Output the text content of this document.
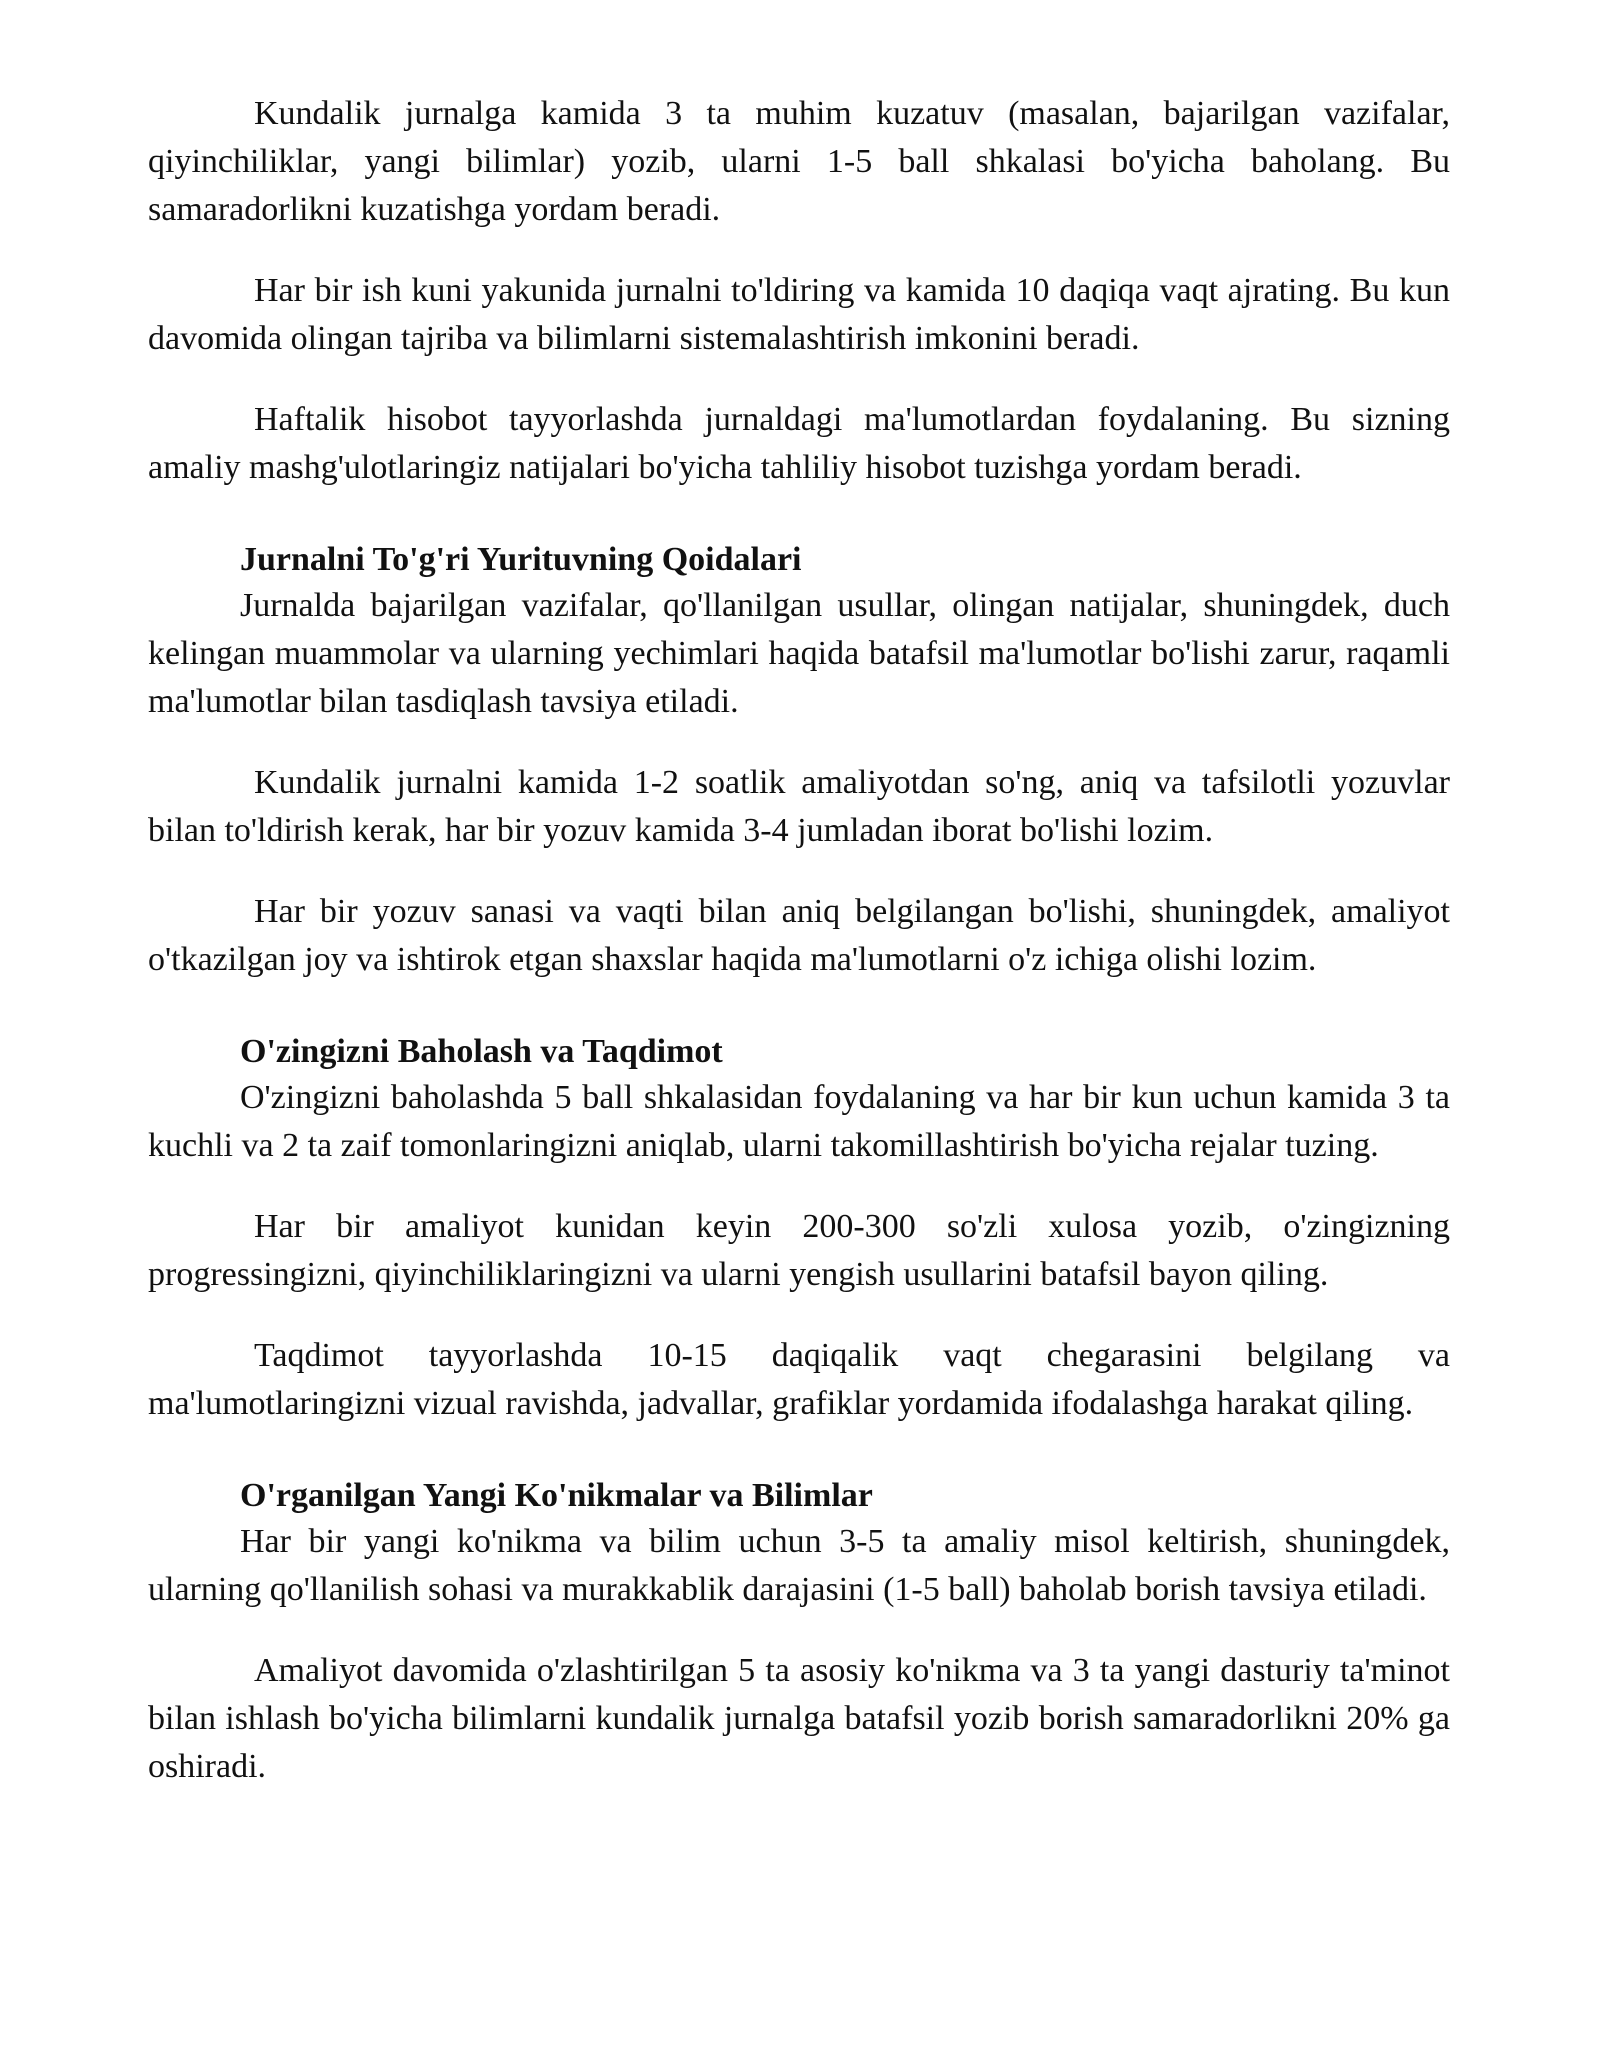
Kundalik jurnalga kamida 3 ta muhim kuzatuv (masalan, bajarilgan vazifalar, qiyinchiliklar, yangi bilimlar) yozib, ularni 1-5 ball shkalasi bo'yicha baholang. Bu samaradorlikni kuzatishga yordam beradi.

Har bir ish kuni yakunida jurnalni to'ldiring va kamida 10 daqiqa vaqt ajrating. Bu kun davomida olingan tajriba va bilimlarni sistemalashtirish imkonini beradi.

Haftalik hisobot tayyorlashda jurnaldagi ma'lumotlardan foydalaning. Bu sizning amaliy mashg'ulotlaringiz natijalari bo'yicha tahliliy hisobot tuzishga yordam beradi.

Jurnalni To'g'ri Yurituvning Qoidalari

Jurnalda bajarilgan vazifalar, qo'llanilgan usullar, olingan natijalar, shuningdek, duch kelingan muammolar va ularning yechimlari haqida batafsil ma'lumotlar bo'lishi zarur, raqamli ma'lumotlar bilan tasdiqlash tavsiya etiladi.

Kundalik jurnalni kamida 1-2 soatlik amaliyotdan so'ng, aniq va tafsilotli yozuvlar bilan to'ldirish kerak, har bir yozuv kamida 3-4 jumladan iborat bo'lishi lozim.

Har bir yozuv sanasi va vaqti bilan aniq belgilangan bo'lishi, shuningdek, amaliyot o'tkazilgan joy va ishtirok etgan shaxslar haqida ma'lumotlarni o'z ichiga olishi lozim.

O'zingizni Baholash va Taqdimot

O'zingizni baholashda 5 ball shkalasidan foydalaning va har bir kun uchun kamida 3 ta kuchli va 2 ta zaif tomonlaringizni aniqlab, ularni takomillashtirish bo'yicha rejalar tuzing.

Har bir amaliyot kunidan keyin 200-300 so'zli xulosa yozib, o'zingizning progressingizni, qiyinchiliklaringizni va ularni yengish usullarini batafsil bayon qiling.

Taqdimot tayyorlashda 10-15 daqiqalik vaqt chegarasini belgilang va ma'lumotlaringizni vizual ravishda, jadvallar, grafiklar yordamida ifodalashga harakat qiling.

O'rganilgan Yangi Ko'nikmalar va Bilimlar

Har bir yangi ko'nikma va bilim uchun 3-5 ta amaliy misol keltirish, shuningdek, ularning qo'llanilish sohasi va murakkablik darajasini (1-5 ball) baholab borish tavsiya etiladi.

Amaliyot davomida o'zlashtirilgan 5 ta asosiy ko'nikma va 3 ta yangi dasturiy ta'minot bilan ishlash bo'yicha bilimlarni kundalik jurnalga batafsil yozib borish samaradorlikni 20% ga oshiradi.
